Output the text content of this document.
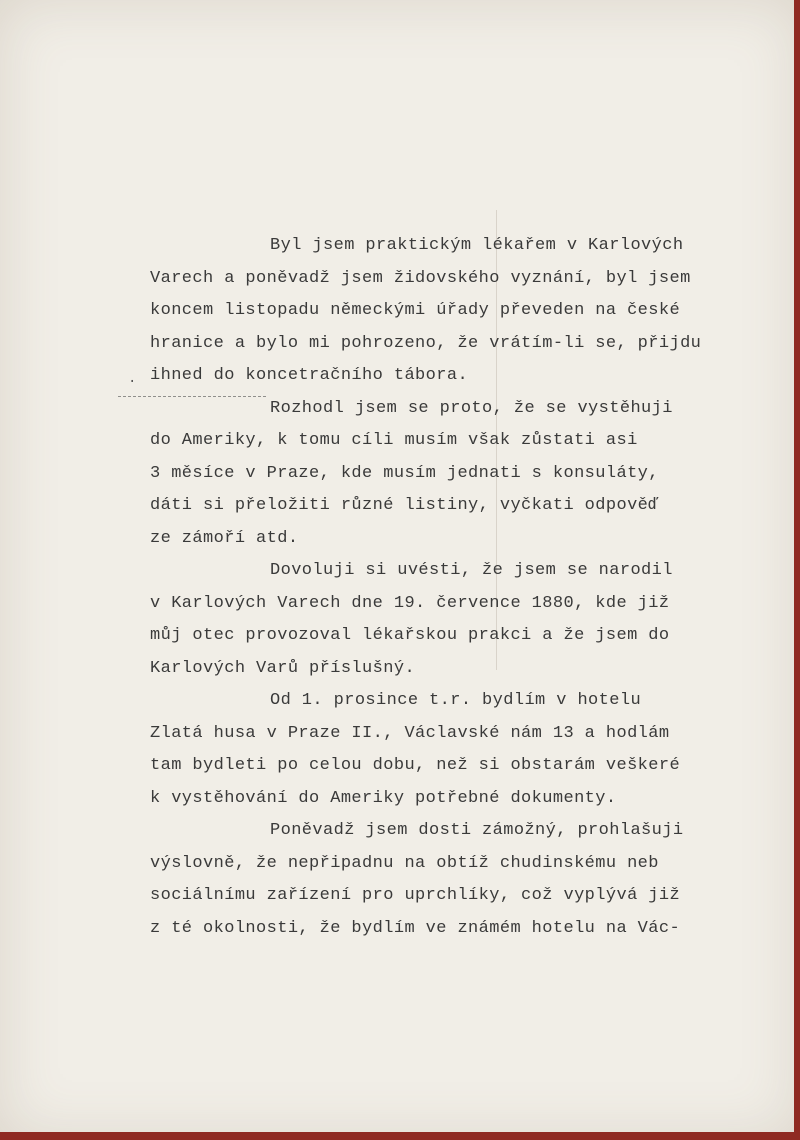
·
Byl jsem praktickým lékařem v Karlových
Varech a poněvadž jsem židovského vyznání, byl jsem
koncem listopadu německými úřady převeden na české
hranice a bylo mi pohrozeno, že vrátím-li se, přijdu
ihned do koncetračního tábora.
Rozhodl jsem se proto, že se vystěhuji
do Ameriky, k tomu cíli musím však zůstati asi
3 měsíce v Praze, kde musím jednati s konsuláty,
dáti si přeložiti různé listiny, vyčkati odpověď
ze zámoří atd.
Dovoluji si uvésti, že jsem se narodil
v Karlových Varech dne 19. července 1880, kde již
můj otec provozoval lékařskou prakci a že jsem do
Karlových Varů příslušný.
Od 1. prosince t.r. bydlím v hotelu
Zlatá husa v Praze II., Václavské nám 13 a hodlám
tam bydleti po celou dobu, než si obstarám veškeré
k vystěhování do Ameriky potřebné dokumenty.
Poněvadž jsem dosti zámožný, prohlašuji
výslovně, že nepřipadnu na obtíž chudinskému neb
sociálnímu zařízení pro uprchlíky, což vyplývá již
z té okolnosti, že bydlím ve známém hotelu na Vác-
